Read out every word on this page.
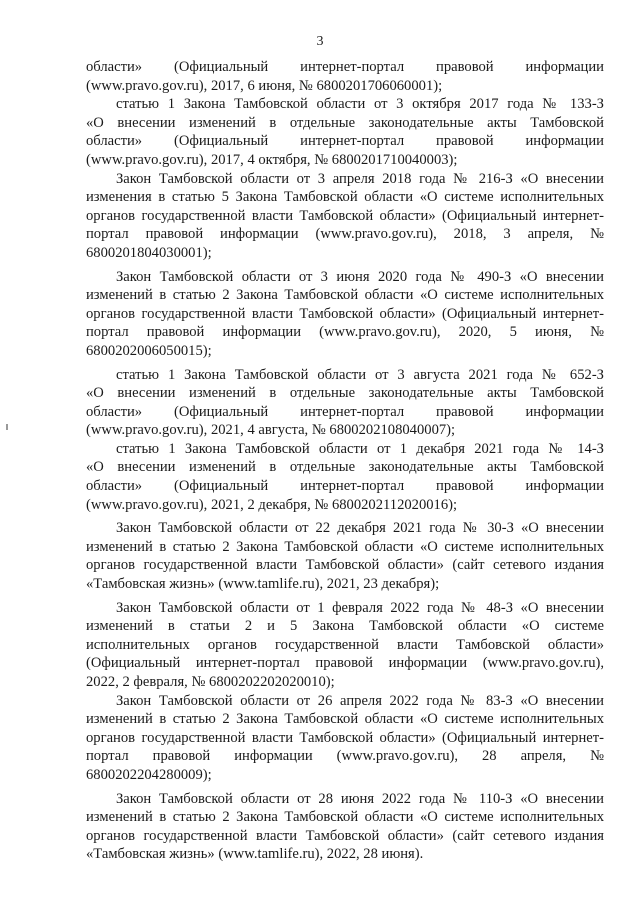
3
области» (Официальный интернет-портал правовой информации
(www.pravo.gov.ru), 2017, 6 июня, № 6800201706060001);
статью 1 Закона Тамбовской области от 3 октября 2017 года № 133-З
«О внесении изменений в отдельные законодательные акты Тамбовской
области» (Официальный интернет-портал правовой информации
(www.pravo.gov.ru), 2017, 4 октября, № 6800201710040003);
Закон Тамбовской области от 3 апреля 2018 года № 216-З «О внесении
изменения в статью 5 Закона Тамбовской области «О системе исполнительных
органов государственной власти Тамбовской области» (Официальный интернет-
портал правовой информации (www.pravo.gov.ru), 2018, 3 апреля, №
6800201804030001);
Закон Тамбовской области от 3 июня 2020 года № 490-З «О внесении
изменений в статью 2 Закона Тамбовской области «О системе исполнительных
органов государственной власти Тамбовской области» (Официальный интернет-
портал правовой информации (www.pravo.gov.ru), 2020, 5 июня, №
6800202006050015);
статью 1 Закона Тамбовской области от 3 августа 2021 года № 652-З
«О внесении изменений в отдельные законодательные акты Тамбовской
области» (Официальный интернет-портал правовой информации
(www.pravo.gov.ru), 2021, 4 августа, № 6800202108040007);
статью 1 Закона Тамбовской области от 1 декабря 2021 года № 14-З
«О внесении изменений в отдельные законодательные акты Тамбовской
области» (Официальный интернет-портал правовой информации
(www.pravo.gov.ru), 2021, 2 декабря, № 6800202112020016);
Закон Тамбовской области от 22 декабря 2021 года № 30-З «О внесении
изменений в статью 2 Закона Тамбовской области «О системе исполнительных
органов государственной власти Тамбовской области» (сайт сетевого издания
«Тамбовская жизнь» (www.tamlife.ru), 2021, 23 декабря);
Закон Тамбовской области от 1 февраля 2022 года № 48-З «О внесении
изменений в статьи 2 и 5 Закона Тамбовской области «О системе
исполнительных органов государственной власти Тамбовской области»
(Официальный интернет-портал правовой информации (www.pravo.gov.ru),
2022, 2 февраля, № 6800202202020010);
Закон Тамбовской области от 26 апреля 2022 года № 83-З «О внесении
изменений в статью 2 Закона Тамбовской области «О системе исполнительных
органов государственной власти Тамбовской области» (Официальный интернет-
портал правовой информации (www.pravo.gov.ru), 28 апреля, №
6800202204280009);
Закон Тамбовской области от 28 июня 2022 года № 110-З «О внесении
изменений в статью 2 Закона Тамбовской области «О системе исполнительных
органов государственной власти Тамбовской области» (сайт сетевого издания
«Тамбовская жизнь» (www.tamlife.ru), 2022, 28 июня).
